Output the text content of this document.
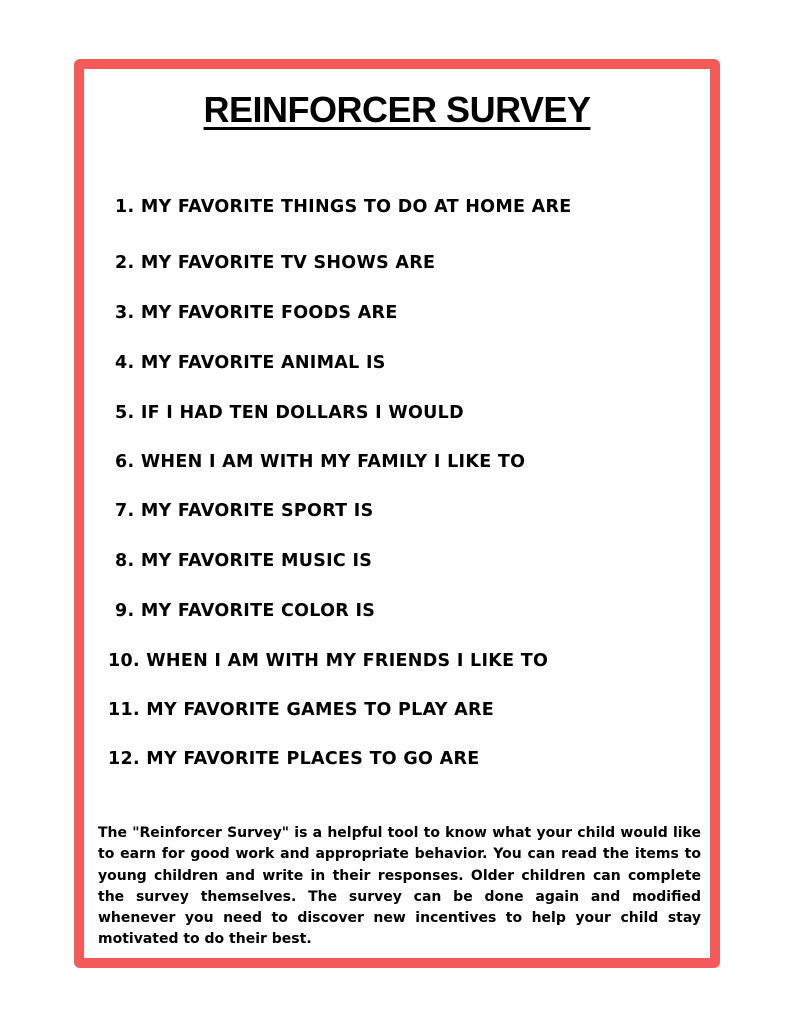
REINFORCER SURVEY
1. MY FAVORITE THINGS TO DO AT HOME ARE
2. MY FAVORITE TV SHOWS ARE
3. MY FAVORITE FOODS ARE
4. MY FAVORITE ANIMAL IS
5. IF I HAD TEN DOLLARS I WOULD
6. WHEN I AM WITH MY FAMILY I LIKE TO
7. MY FAVORITE SPORT IS
8. MY FAVORITE MUSIC IS
9. MY FAVORITE COLOR IS
10. WHEN I AM WITH MY FRIENDS I LIKE TO
11. MY FAVORITE GAMES TO PLAY ARE
12. MY FAVORITE PLACES TO GO ARE

The "Reinforcer Survey" is a helpful tool to know what your child would like to earn for good work and appropriate behavior. You can read the items to young children and write in their responses. Older children can complete the survey themselves. The survey can be done again and modified whenever you need to discover new incentives to help your child stay motivated to do their best.
